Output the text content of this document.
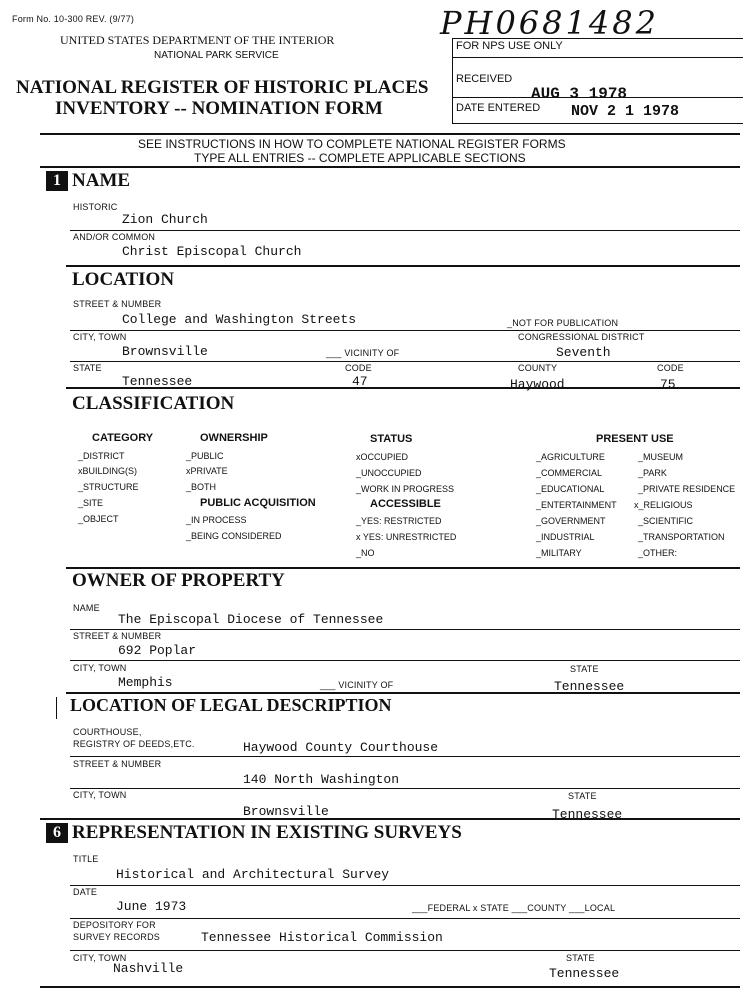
Form No. 10-300 REV. (9/77)
UNITED STATES DEPARTMENT OF THE INTERIOR
NATIONAL PARK SERVICE
NATIONAL REGISTER OF HISTORIC PLACES
INVENTORY -- NOMINATION FORM
PH0681482
FOR NPS USE ONLY
RECEIVED
AUG 3 1978
DATE ENTERED NOV 2 1 1978
SEE INSTRUCTIONS IN HOW TO COMPLETE NATIONAL REGISTER FORMS
TYPE ALL ENTRIES -- COMPLETE APPLICABLE SECTIONS
1 NAME
HISTORIC
Zion Church
AND/OR COMMON
Christ Episcopal Church
LOCATION
STREET & NUMBER
College and Washington Streets	_NOT FOR PUBLICATION
CITY, TOWN	CONGRESSIONAL DISTRICT
Brownsville	___ VICINITY OF	Seventh
STATE	CODE	COUNTY	CODE
Tennessee	47	Haywood	75
CLASSIFICATION
CATEGORY
_DISTRICT
xBUILDING(S)
_STRUCTURE
_SITE
_OBJECT
OWNERSHIP
_PUBLIC
xPRIVATE
_BOTH
PUBLIC ACQUISITION
_IN PROCESS
_BEING CONSIDERED
STATUS
xOCCUPIED
_UNOCCUPIED
_WORK IN PROGRESS
ACCESSIBLE
_YES: RESTRICTED
x YES: UNRESTRICTED
_NO
PRESENT USE
_AGRICULTURE
_COMMERCIAL
_EDUCATIONAL
_ENTERTAINMENT
_GOVERNMENT
_INDUSTRIAL
_MILITARY
_MUSEUM
_PARK
_PRIVATE RESIDENCE
x_RELIGIOUS
_SCIENTIFIC
_TRANSPORTATION
_OTHER:
OWNER OF PROPERTY
NAME
The Episcopal Diocese of Tennessee
STREET & NUMBER
692 Poplar
CITY, TOWN	STATE
Memphis	___ VICINITY OF	Tennessee
LOCATION OF LEGAL DESCRIPTION
COURTHOUSE,
REGISTRY OF DEEDS,ETC.	Haywood County Courthouse
STREET & NUMBER
140 North Washington
CITY, TOWN	STATE
Brownsville	Tennessee
6 REPRESENTATION IN EXISTING SURVEYS
TITLE
Historical and Architectural Survey
DATE
June 1973	___FEDERAL x STATE ___COUNTY ___LOCAL
DEPOSITORY FOR
SURVEY RECORDS	Tennessee Historical Commission
CITY, TOWN	STATE
Nashville	Tennessee
